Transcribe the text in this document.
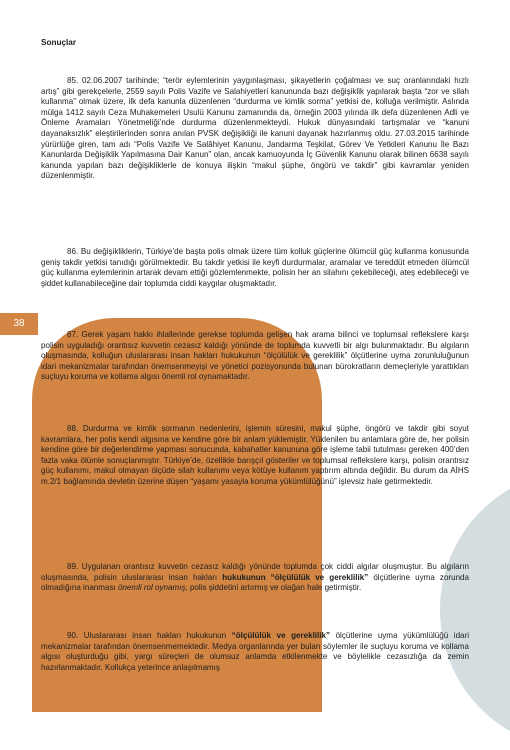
38
Sonuçlar

85. 02.06.2007 tarihinde; “terör eylemlerinin yaygınlaşması, şikayetlerin çoğalması ve suç oranlarındaki hızlı artış” gibi gerekçelerle, 2559 sayılı Polis Vazife ve Salahiyetleri kanununda bazı değişiklik yapılarak başta “zor ve silah kullanma” olmak üzere, ilk defa kanunla düzenlenen “durdurma ve kimlik sorma” yetkisi de, kolluğa verilmiştir. Aslında mülga 1412 sayılı Ceza Muhakemeleri Usulü Kanunu zamanında da, örneğin 2003 yılında ilk defa düzenlenen Adli ve Önleme Aramaları Yönetmeliği’nde durdurma düzenlenmekteydi. Hukuk dünyasındaki tartışmalar ve “kanuni dayanaksızlık” eleştirilerinden sonra anılan PVSK değişikliği ile kanuni dayanak hazırlanmış oldu. 27.03.2015 tarihinde yürürlüğe giren, tam adı “Polis Vazife Ve Salâhiyet Kanunu, Jandarma Teşkilat, Görev Ve Yetkileri Kanunu İle Bazı Kanunlarda Değişiklik Yapılmasına Dair Kanun” olan, ancak kamuoyunda İç Güvenlik Kanunu olarak bilinen 6638 sayılı kanunda yapılan bazı değişikliklerle de konuya ilişkin “makul şüphe, öngörü ve takdir” gibi kavramlar yeniden düzenlenmiştir.

86. Bu değişikliklerin, Türkiye’de başta polis olmak üzere tüm kolluk güçlerine ölümcül güç kullanma konusunda geniş takdir yetkisi tanıdığı görülmektedir. Bu takdir yetkisi ile keyfi durdurmalar, aramalar ve tereddüt etmeden ölümcül güç kullanma eylemlerinin artarak devam ettiği gözlemlenmekte, polisin her an silahını çekebileceği, ateş edebileceği ve şiddet kullanabileceğine dair toplumda ciddi kaygılar oluşmaktadır.

87. Gerek yaşam hakkı ihlallerinde gerekse toplumda gelişen hak arama bilinci ve toplumsal reflekslere karşı polisin uyguladığı orantısız kuvvetin cezasız kaldığı yönünde de toplumda kuvvetli bir algı bulunmaktadır. Bu algıların oluşmasında, kolluğun uluslararası insan hakları hukukunun “ölçülülük ve gereklilik” ölçütlerine uyma zorunluluğunun idari mekanizmalar tarafından önemsenmeyişi ve yönetici pozisyonunda bulunan bürokratların demeçleriyle yarattıkları suçluyu koruma ve kollama algısı önemli rol oynamaktadır.

88. Durdurma ve kimlik sormanın nedenlerini, işlemin süresini, makul şüphe, öngörü ve takdir gibi soyut kavramlara, her polis kendi algısına ve kendine göre bir anlam yüklemiştir. Yüklenilen bu anlamlara göre de, her polisin kendine göre bir değerlendirme yapması sonucunda, kabahatler kanununa göre işleme tabii tutulması gereken 400’den fazla vaka ölümle sonuçlanmıştır. Türkiye’de, özellikle barışçıl gösteriler ve toplumsal reflekslere karşı, polisin orantısız güç kullanımı, makul olmayan ölçüde silah kullanımı veya kötüye kullanım yaptırım altında değildir. Bu durum da AİHS m.2/1 bağlamında devletin üzerine düşen “yaşamı yasayla koruma yükümlülüğünü” işlevsiz hale getirmektedir.

89. Uygulanan orantısız kuvvetin cezasız kaldığı yönünde toplumda çok ciddi algılar oluşmuştur. Bu algıların oluşmasında, polisin uluslararası insan hakları hukukunun “ölçülülük ve gereklilik” ölçütlerine uyma zorunda olmadığına inanması önemli rol oynamış, polis şiddetini artırmış ve olağan hale getirmiştir.

90. Uluslararası insan hakları hukukunun “ölçülülük ve gereklilik” ölçütlerine uyma yükümlülüğü idari mekanizmalar tarafından önemsenmemektedir. Medya organlarında yer bulan söylemler ile suçluyu koruma ve kollama algısı oluşturduğu gibi, yargı süreçleri de olumsuz anlamda etkilenmekte ve böylelikle cezasızlığa da zemin hazırlanmaktadır. Kollukça yeterince anlaşılmamış
